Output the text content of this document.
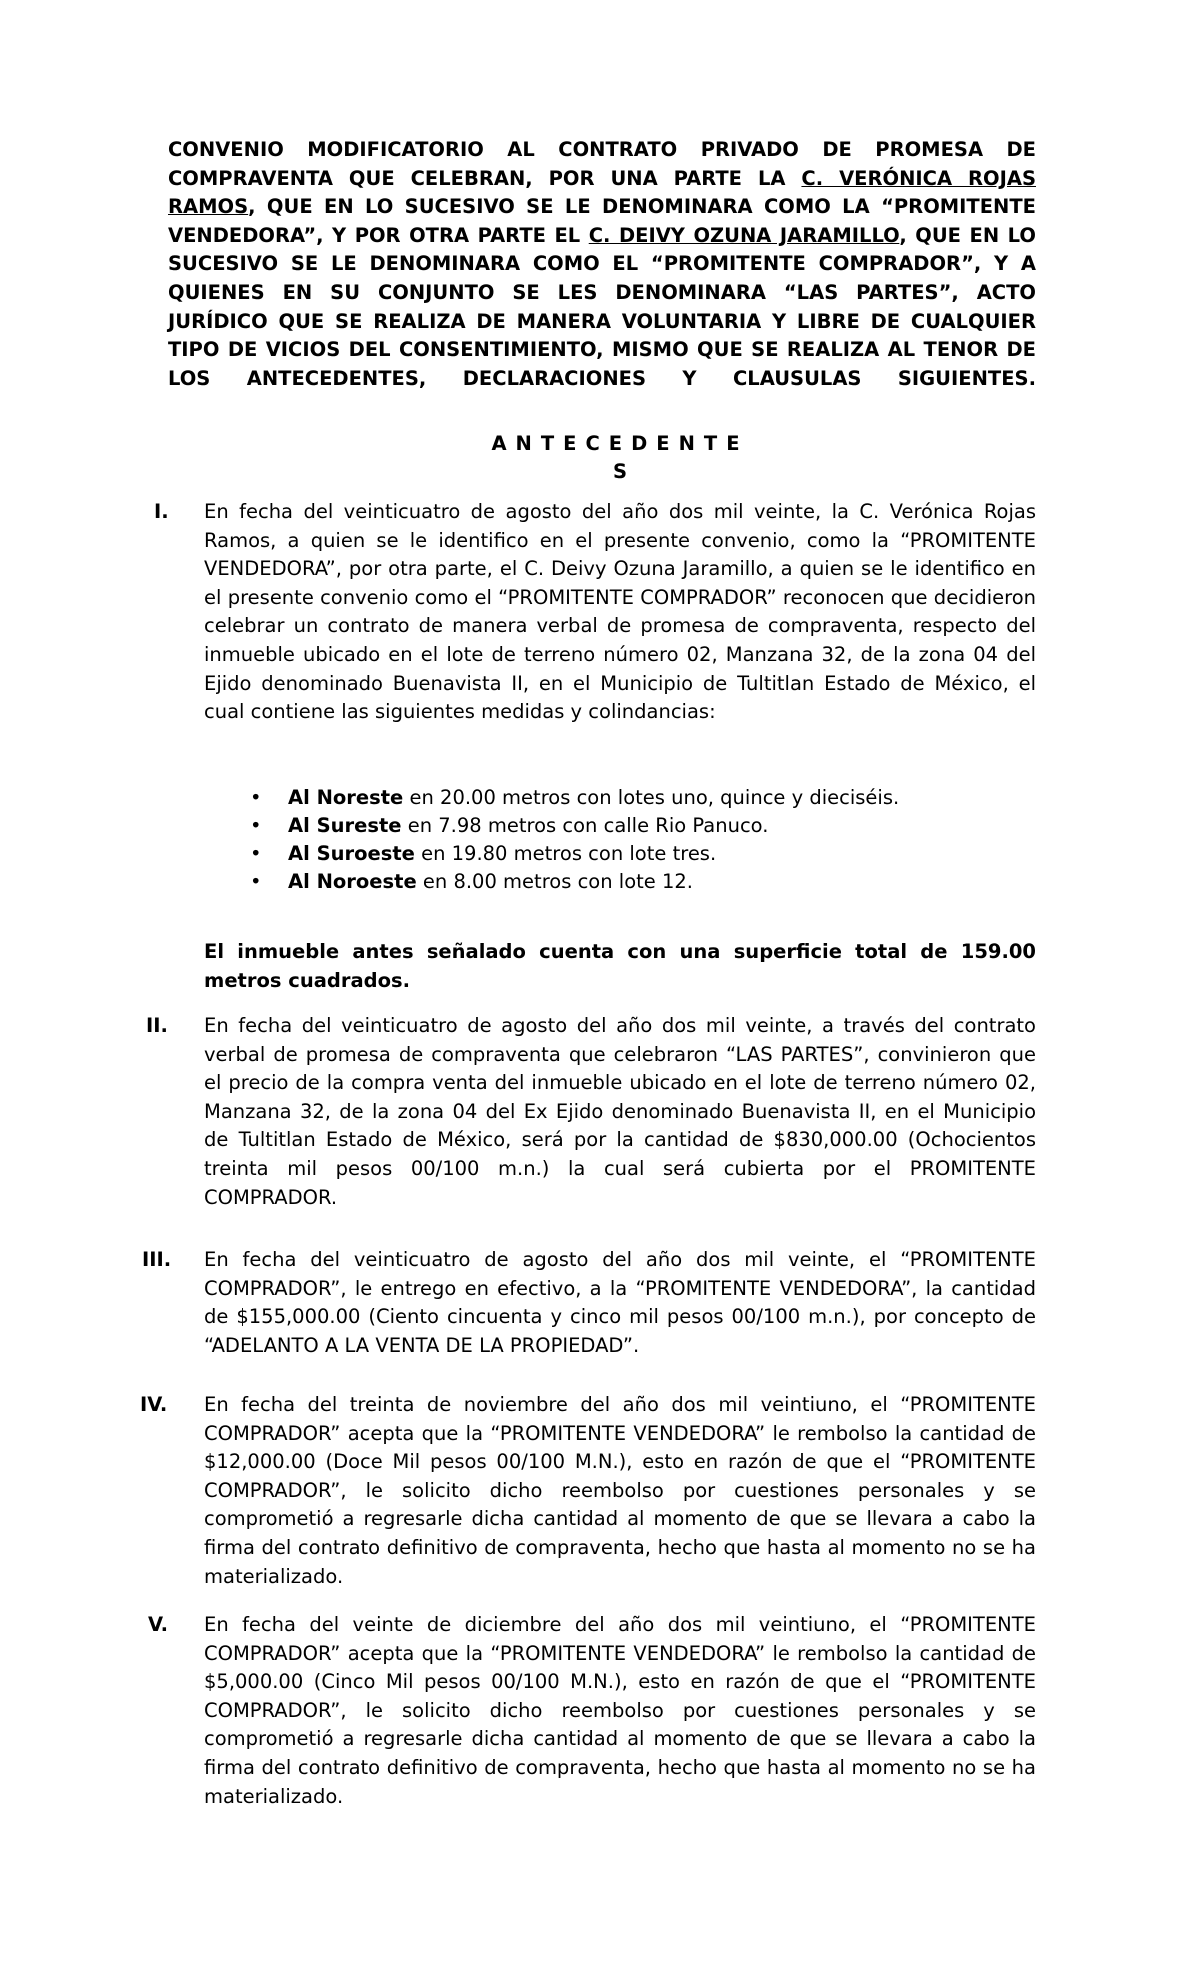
CONVENIO MODIFICATORIO AL CONTRATO PRIVADO DE PROMESA DE COMPRAVENTA QUE CELEBRAN, POR UNA PARTE LA C. VERÓNICA ROJAS RAMOS, QUE EN LO SUCESIVO SE LE DENOMINARA COMO LA “PROMITENTE VENDEDORA”, Y POR OTRA PARTE EL C. DEIVY OZUNA JARAMILLO, QUE EN LO SUCESIVO SE LE DENOMINARA COMO EL “PROMITENTE COMPRADOR”, Y A QUIENES EN SU CONJUNTO SE LES DENOMINARA “LAS PARTES”, ACTO JURÍDICO QUE SE REALIZA DE MANERA VOLUNTARIA Y LIBRE DE CUALQUIER TIPO DE VICIOS DEL CONSENTIMIENTO, MISMO QUE SE REALIZA AL TENOR DE LOS ANTECEDENTES, DECLARACIONES Y CLAUSULAS SIGUIENTES.
ANTECEDENTE
S
I.	En fecha del veinticuatro de agosto del año dos mil veinte, la C. Verónica Rojas Ramos, a quien se le identifico en el presente convenio, como la “PROMITENTE VENDEDORA”, por otra parte, el C. Deivy Ozuna Jaramillo, a quien se le identifico en el presente convenio como el “PROMITENTE COMPRADOR” reconocen que decidieron celebrar un contrato de manera verbal de promesa de compraventa, respecto del inmueble ubicado en el lote de terreno número 02, Manzana 32, de la zona 04 del Ejido denominado Buenavista II, en el Municipio de Tultitlan Estado de México, el cual contiene las siguientes medidas y colindancias:
• Al Noreste en 20.00 metros con lotes uno, quince y dieciséis.
• Al Sureste en 7.98 metros con calle Rio Panuco.
• Al Suroeste en 19.80 metros con lote tres.
• Al Noroeste en 8.00 metros con lote 12.
El inmueble antes señalado cuenta con una superficie total de 159.00 metros cuadrados.
II.	En fecha del veinticuatro de agosto del año dos mil veinte, a través del contrato verbal de promesa de compraventa que celebraron “LAS PARTES”, convinieron que el precio de la compra venta del inmueble ubicado en el lote de terreno número 02, Manzana 32, de la zona 04 del Ex Ejido denominado Buenavista II, en el Municipio de Tultitlan Estado de México, será por la cantidad de $830,000.00 (Ochocientos treinta mil pesos 00/100 m.n.) la cual será cubierta por el PROMITENTE COMPRADOR.
III.	En fecha del veinticuatro de agosto del año dos mil veinte, el “PROMITENTE COMPRADOR”, le entrego en efectivo, a la “PROMITENTE VENDEDORA”, la cantidad de $155,000.00 (Ciento cincuenta y cinco mil pesos 00/100 m.n.), por concepto de “ADELANTO A LA VENTA DE LA PROPIEDAD”.
IV.	En fecha del treinta de noviembre del año dos mil veintiuno, el “PROMITENTE COMPRADOR” acepta que la “PROMITENTE VENDEDORA” le rembolso la cantidad de $12,000.00 (Doce Mil pesos 00/100 M.N.), esto en razón de que el “PROMITENTE COMPRADOR”, le solicito dicho reembolso por cuestiones personales y se comprometió a regresarle dicha cantidad al momento de que se llevara a cabo la firma del contrato definitivo de compraventa, hecho que hasta al momento no se ha materializado.
V.	En fecha del veinte de diciembre del año dos mil veintiuno, el “PROMITENTE COMPRADOR” acepta que la “PROMITENTE VENDEDORA” le rembolso la cantidad de $5,000.00 (Cinco Mil pesos 00/100 M.N.), esto en razón de que el “PROMITENTE COMPRADOR”, le solicito dicho reembolso por cuestiones personales y se comprometió a regresarle dicha cantidad al momento de que se llevara a cabo la firma del contrato definitivo de compraventa, hecho que hasta al momento no se ha materializado.
